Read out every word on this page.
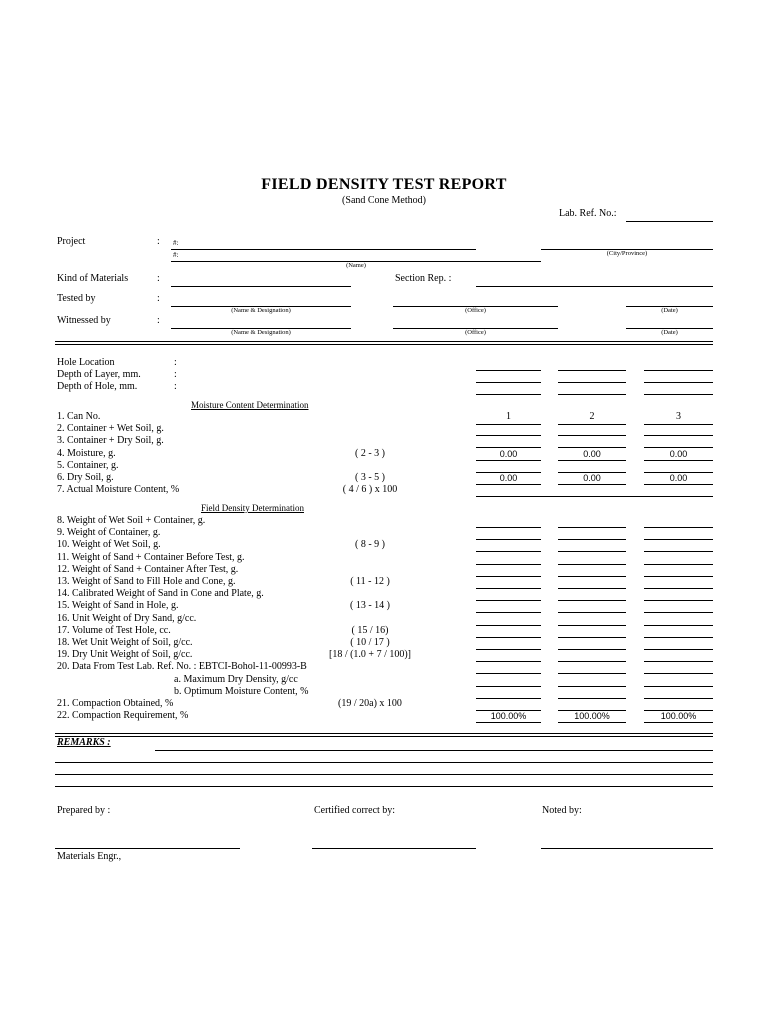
FIELD DENSITY TEST REPORT
(Sand Cone Method)
Lab. Ref. No.:
Project	: #:
#:	(City/Province)
(Name)
Kind of Materials	:	Section Rep. :
Tested by	:
(Name & Designation)	(Office)	(Date)
Witnessed by	:
(Name & Designation)	(Office)	(Date)
Hole Location	:
Depth of Layer, mm.	:
Depth of Hole, mm.	:
Moisture Content Determination
1. Can No.	1	2	3
2. Container + Wet Soil, g.
3. Container + Dry Soil, g.
4. Moisture, g.	( 2 - 3 )	0.00	0.00	0.00
5. Container, g.
6. Dry Soil, g.	( 3 - 5 )	0.00	0.00	0.00
7. Actual Moisture Content, %	( 4 / 6 ) x 100
Field Density Determination
8. Weight of Wet Soil + Container, g.
9. Weight of Container, g.
10. Weight of Wet Soil, g.	( 8 - 9 )
11. Weight of Sand + Container Before Test, g.
12. Weight of Sand + Container After Test, g.
13. Weight of Sand to Fill Hole and Cone, g.	( 11 - 12 )
14. Calibrated Weight of Sand in Cone and Plate, g.
15. Weight of Sand in Hole, g.	( 13 - 14 )
16. Unit Weight of Dry Sand, g/cc.
17. Volume of Test Hole, cc.	( 15 / 16)
18. Wet Unit Weight of Soil, g/cc.	( 10 / 17 )
19. Dry Unit Weight of Soil, g/cc.	[18 / (1.0 + 7 / 100)]
20. Data From Test Lab. Ref. No. : EBTCI-Bohol-11-00993-B
a. Maximum Dry Density, g/cc
b. Optimum Moisture Content, %
21. Compaction Obtained, %	(19 / 20a) x 100
22. Compaction Requirement, %	100.00%	100.00%	100.00%
REMARKS :
Prepared by :	Certified correct by:	Noted by:
Materials Engr.,
